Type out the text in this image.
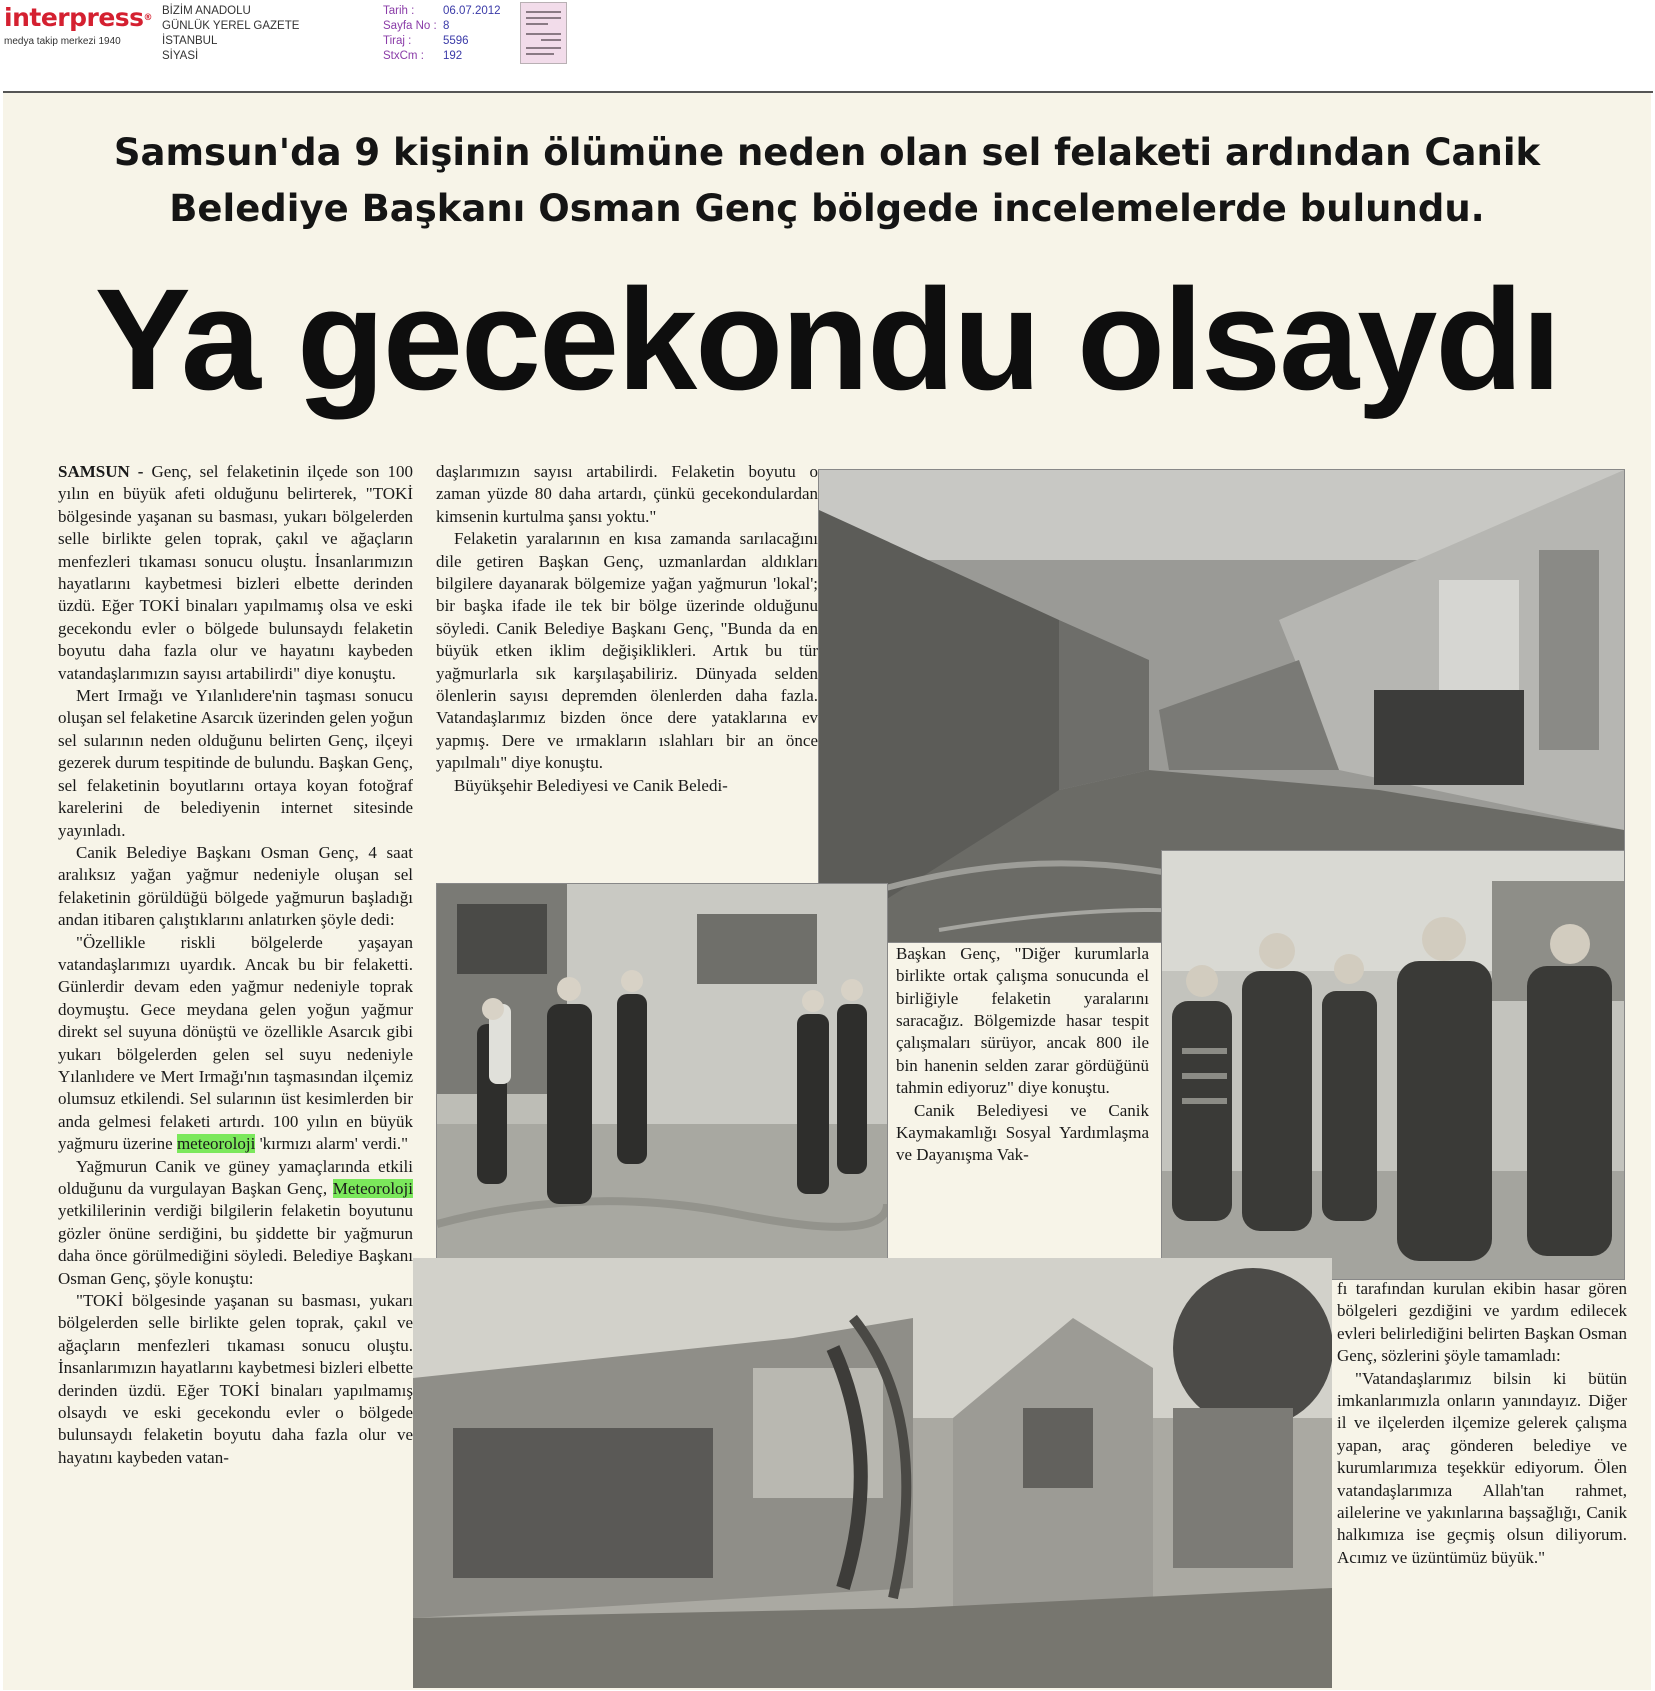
interpress®
medya takip merkezi 1940
BİZİM ANADOLU
GÜNLÜK YEREL GAZETE
İSTANBUL
SİYASİ
Tarih :	06.07.2012
Sayfa No : 8
Tiraj :	5596
StxCm :	192
Samsun'da 9 kişinin ölümüne neden olan sel felaketi ardından Canik
Belediye Başkanı Osman Genç bölgede incelemelerde bulundu.
Ya gecekondu olsaydı

SAMSUN - Genç, sel felaketinin ilçede son 100 yılın en büyük afeti olduğunu belirterek, "TOKİ bölgesinde yaşanan su basması, yukarı bölgelerden selle birlikte gelen toprak, çakıl ve ağaçların menfezleri tıkaması sonucu oluştu. İnsanlarımızın hayatlarını kaybetmesi bizleri elbette derinden üzdü. Eğer TOKİ binaları yapılmamış olsa ve eski gecekondu evler o bölgede bulunsaydı felaketin boyutu daha fazla olur ve hayatını kaybeden vatandaşlarımızın sayısı artabilirdi" diye konuştu.

Mert Irmağı ve Yılanlıdere'nin taşması sonucu oluşan sel felaketine Asarcık üzerinden gelen yoğun sel sularının neden olduğunu belirten Genç, ilçeyi gezerek durum tespitinde de bulundu. Başkan Genç, sel felaketinin boyutlarını ortaya koyan fotoğraf karelerini de belediyenin internet sitesinde yayınladı.

Canik Belediye Başkanı Osman Genç, 4 saat aralıksız yağan yağmur nedeniyle oluşan sel felaketinin görüldüğü bölgede yağmurun başladığı andan itibaren çalıştıklarını anlatırken şöyle dedi:

"Özellikle riskli bölgelerde yaşayan vatandaşlarımızı uyardık. Ancak bu bir felaketti. Günlerdir devam eden yağmur nedeniyle toprak doymuştu. Gece meydana gelen yoğun yağmur direkt sel suyuna dönüştü ve özellikle Asarcık gibi yukarı bölgelerden gelen sel suyu nedeniyle Yılanlıdere ve Mert Irmağı'nın taşmasından ilçemiz olumsuz etkilendi. Sel sularının üst kesimlerden bir anda gelmesi felaketi artırdı. 100 yılın en büyük yağmuru üzerine meteoroloji 'kırmızı alarm' verdi."

Yağmurun Canik ve güney yamaçlarında etkili olduğunu da vurgulayan Başkan Genç, Meteoroloji yetkililerinin verdiği bilgilerin felaketin boyutunu gözler önüne serdiğini, bu şiddette bir yağmurun daha önce görülmediğini söyledi. Belediye Başkanı Osman Genç, şöyle konuştu:

"TOKİ bölgesinde yaşanan su basması, yukarı bölgelerden selle birlikte gelen toprak, çakıl ve ağaçların menfezleri tıkaması sonucu oluştu. İnsanlarımızın hayatlarını kaybetmesi bizleri elbette derinden üzdü. Eğer TOKİ binaları yapılmamış olsaydı ve eski gecekondu evler o bölgede bulunsaydı felaketin boyutu daha fazla olur ve hayatını kaybeden vatan-

daşlarımızın sayısı artabilirdi. Felaketin boyutu o zaman yüzde 80 daha artardı, çünkü gecekondulardan kimsenin kurtulma şansı yoktu."

Felaketin yaralarının en kısa zamanda sarılacağını dile getiren Başkan Genç, uzmanlardan aldıkları bilgilere dayanarak bölgemize yağan yağmurun 'lokal'; bir başka ifade ile tek bir bölge üzerinde olduğunu söyledi. Canik Belediye Başkanı Genç, "Bunda da en büyük etken iklim değişiklikleri. Artık bu tür yağmurlarla sık karşılaşabiliriz. Dünyada selden ölenlerin sayısı depremden ölenlerden daha fazla. Vatandaşlarımız bizden önce dere yataklarına ev yapmış. Dere ve ırmakların ıslahları bir an önce yapılmalı" diye konuştu.

Büyükşehir Belediyesi ve Canik Beledi-

Başkan Genç, "Diğer kurumlarla birlikte ortak çalışma sonucunda el birliğiyle felaketin yaralarını saracağız. Bölgemizde hasar tespit çalışmaları sürüyor, ancak 800 ile bin hanenin selden zarar gördüğünü tahmin ediyoruz" diye konuştu.

Canik Belediyesi ve Canik Kaymakamlığı Sosyal Yardımlaşma ve Dayanışma Vak-

fı tarafından kurulan ekibin hasar gören bölgeleri gezdiğini ve yardım edilecek evleri belirlediğini belirten Başkan Osman Genç, sözlerini şöyle tamamladı:

"Vatandaşlarımız bilsin ki bütün imkanlarımızla onların yanındayız. Diğer il ve ilçelerden ilçemize gelerek çalışma yapan, araç gönderen belediye ve kurumlarımıza teşekkür ediyorum. Ölen vatandaşlarımıza Allah'tan rahmet, ailelerine ve yakınlarına başsağlığı, Canik halkımıza ise geçmiş olsun diliyorum. Acımız ve üzüntümüz büyük."
